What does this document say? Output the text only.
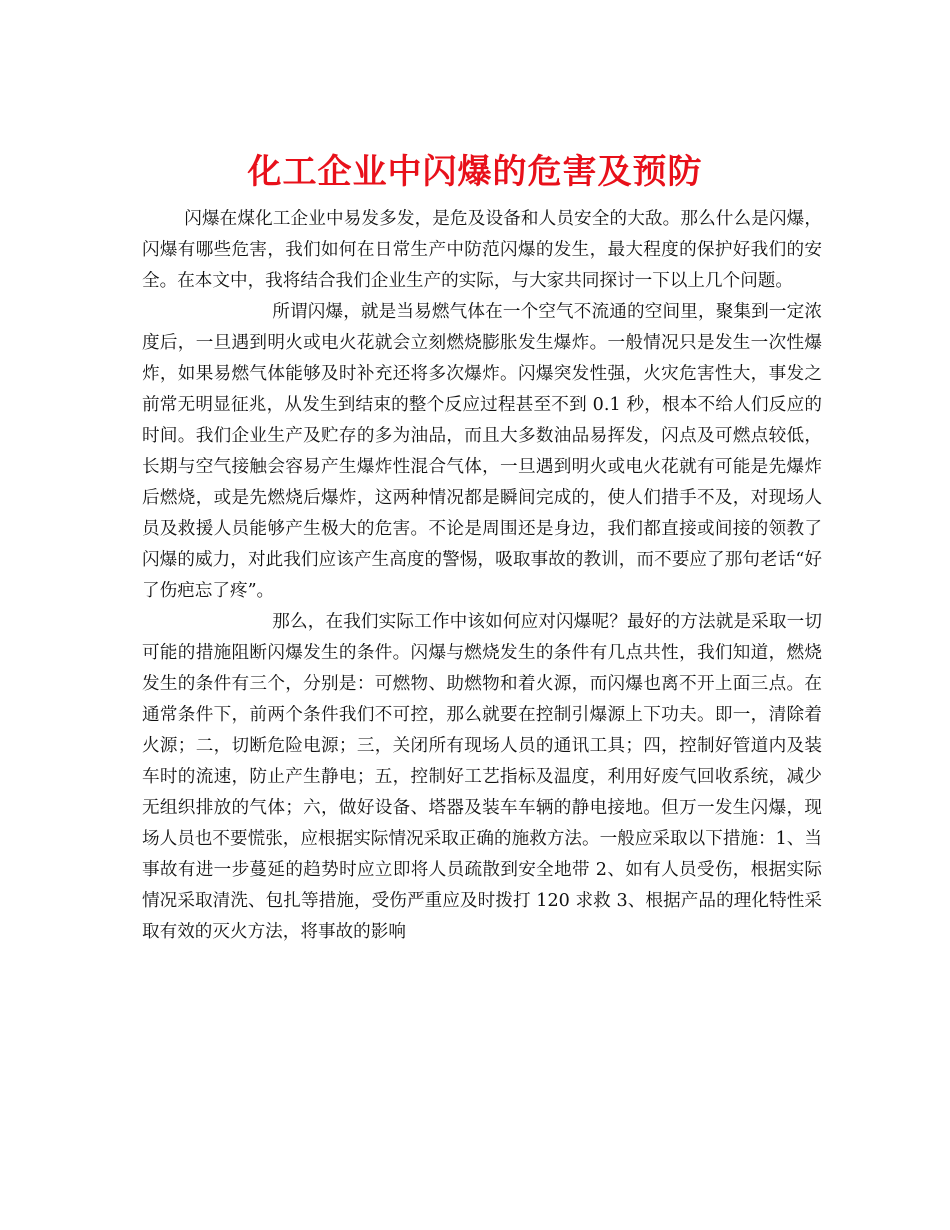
化工企业中闪爆的危害及预防

闪爆在煤化工企业中易发多发，是危及设备和人员安全的大敌。那么什么是闪爆，闪爆有哪些危害，我们如何在日常生产中防范闪爆的发生，最大程度的保护好我们的安全。在本文中，我将结合我们企业生产的实际，与大家共同探讨一下以上几个问题。

所谓闪爆，就是当易燃气体在一个空气不流通的空间里，聚集到一定浓度后，一旦遇到明火或电火花就会立刻燃烧膨胀发生爆炸。一般情况只是发生一次性爆炸，如果易燃气体能够及时补充还将多次爆炸。闪爆突发性强，火灾危害性大，事发之前常无明显征兆，从发生到结束的整个反应过程甚至不到 0.1 秒，根本不给人们反应的时间。我们企业生产及贮存的多为油品，而且大多数油品易挥发，闪点及可燃点较低，长期与空气接触会容易产生爆炸性混合气体，一旦遇到明火或电火花就有可能是先爆炸后燃烧，或是先燃烧后爆炸，这两种情况都是瞬间完成的，使人们措手不及，对现场人员及救援人员能够产生极大的危害。不论是周围还是身边，我们都直接或间接的领教了闪爆的威力，对此我们应该产生高度的警惕，吸取事故的教训，而不要应了那句老话“好了伤疤忘了疼”。

那么，在我们实际工作中该如何应对闪爆呢？最好的方法就是采取一切可能的措施阻断闪爆发生的条件。闪爆与燃烧发生的条件有几点共性，我们知道，燃烧发生的条件有三个，分别是：可燃物、助燃物和着火源，而闪爆也离不开上面三点。在通常条件下，前两个条件我们不可控，那么就要在控制引爆源上下功夫。即一，清除着火源；二，切断危险电源；三，关闭所有现场人员的通讯工具；四，控制好管道内及装车时的流速，防止产生静电；五，控制好工艺指标及温度，利用好废气回收系统，减少无组织排放的气体；六，做好设备、塔器及装车车辆的静电接地。但万一发生闪爆，现场人员也不要慌张，应根据实际情况采取正确的施救方法。一般应采取以下措施：1、当事故有进一步蔓延的趋势时应立即将人员疏散到安全地带 2、如有人员受伤，根据实际情况采取清洗、包扎等措施，受伤严重应及时拨打 120 求救 3、根据产品的理化特性采取有效的灭火方法，将事故的影响
